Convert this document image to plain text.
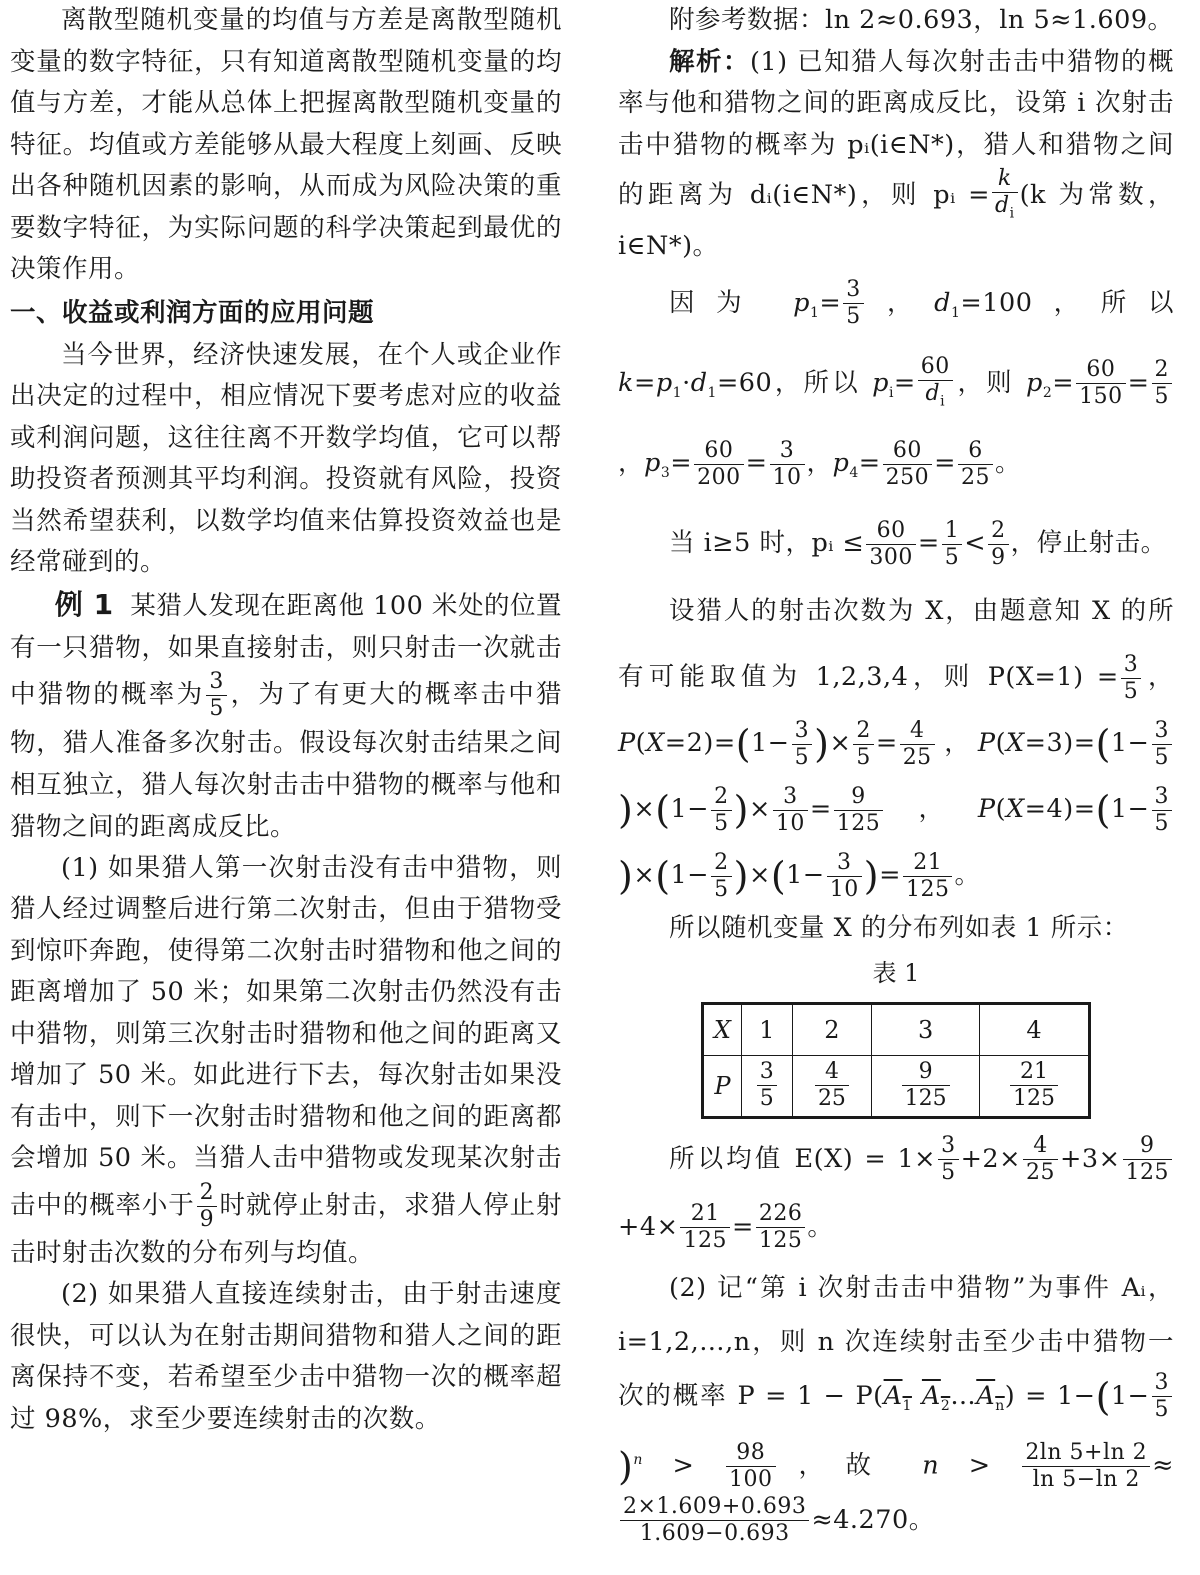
离散型随机变量的均值与方差是离散型随机变量的数字特征，只有知道离散型随机变量的均值与方差，才能从总体上把握离散型随机变量的特征。均值或方差能够从最大程度上刻画、反映出各种随机因素的影响，从而成为风险决策的重要数字特征，为实际问题的科学决策起到最优的决策作用。

一、收益或利润方面的应用问题

当今世界，经济快速发展，在个人或企业作出决定的过程中，相应情况下要考虑对应的收益或利润问题，这往往离不开数学均值，它可以帮助投资者预测其平均利润。投资就有风险，投资当然希望获利，以数学均值来估算投资效益也是经常碰到的。

例 1 某猎人发现在距离他 100 米处的位置有一只猎物，如果直接射击，则只射击一次就击中猎物的概率为 $\frac{3}{5}$ ，为了有更大的概率击中猎物，猎人准备多次射击。假设每次射击结果之间相互独立，猎人每次射击击中猎物的概率与他和猎物之间的距离成反比。

(1) 如果猎人第一次射击没有击中猎物，则猎人经过调整后进行第二次射击，但由于猎物受到惊吓奔跑，使得第二次射击时猎物和他之间的距离增加了 50 米；如果第二次射击仍然没有击中猎物，则第三次射击时猎物和他之间的距离又增加了 50 米。如此进行下去，每次射击如果没有击中，则下一次射击时猎物和他之间的距离都会增加 50 米。当猎人击中猎物或发现某次射击击中的概率小于 $\frac{2}{9}$ 时就停止射击，求猎人停止射击时射击次数的分布列与均值。

(2) 如果猎人直接连续射击，由于射击速度很快，可以认为在射击期间猎物和猎人之间的距离保持不变，若希望至少击中猎物一次的概率超过 98%，求至少要连续射击的次数。

附参考数据：ln 2≈0.693，ln 5≈1.609。

解析：(1) 已知猎人每次射击击中猎物的概率与他和猎物之间的距离成反比，设第 i 次射击击中猎物的概率为 pᵢ(i∈N*)，猎人和猎物之间的距离为 dᵢ(i∈N*)，则 pᵢ = $\frac{k}{d_i} (k$ 为常数，i∈N*)。

因为 $p_1= \frac{3}{5}$ ，$d_1=100$，所以 $k=p_1\cdot d_1=60$，所以 $p_i= \frac{60}{d_i}$ ，则 $p_2= \frac{60}{150} = \frac{2}{5}$
，$p_3= \frac{60}{200} = \frac{3}{10}$ ，$p_4= \frac{60}{250} = \frac{6}{25}$ 。

当 i≥5 时，pᵢ ≤ $\frac{60}{300} = \frac{1}{5} < \frac{2}{9}$ ，停止射击。

设猎人的射击次数为 X，由题意知 X 的所有可能取值为 1,2,3,4，则 $P(X=1) = \frac{3}{5}$ ，$P(X=2)=(1- \frac{3}{5}$ )× $\frac{2}{5} = \frac{4}{25}$ ，$P(X=3)=(1- \frac{3}{5}$
)$\times(1- \frac{2}{5}$ )× $\frac{3}{10} = \frac{9}{125}$ ，$P(X=4)=(1- \frac{3}{5}$
)$\times(1- \frac{2}{5} )\times(1- \frac{3}{10}$ )= $\frac{21}{125}$ 。

所以随机变量 X 的分布列如表 1 所示：

表 1
X	1	2	3	4
P	$\frac{3}{5}$	$\frac{4}{25}$	$\frac{9}{125}$	$\frac{21}{125}$

所以均值 $E(X) = 1\times \frac{3}{5} +2\times \frac{4}{25} +3\times \frac{9}{125}$
$+4\times \frac{21}{125} = \frac{226}{125}$ 。

(2) 记“第 i 次射击击中猎物”为事件 Aᵢ，i=1,2,…,n，则 n 次连续射击至少击中猎物一次的概率 $P = 1 - P(A_1$ $A_2\dots A_n) = 1-(1- \frac{3}{5}$
)$^n > \frac{98}{100}$ ，故 $n > \frac{2\ln 5+\ln 2}{\ln 5-\ln 2}$ ≈
$\frac{2\times 1.609+0.693}{1.609-0.693} \approx 4.270$。
